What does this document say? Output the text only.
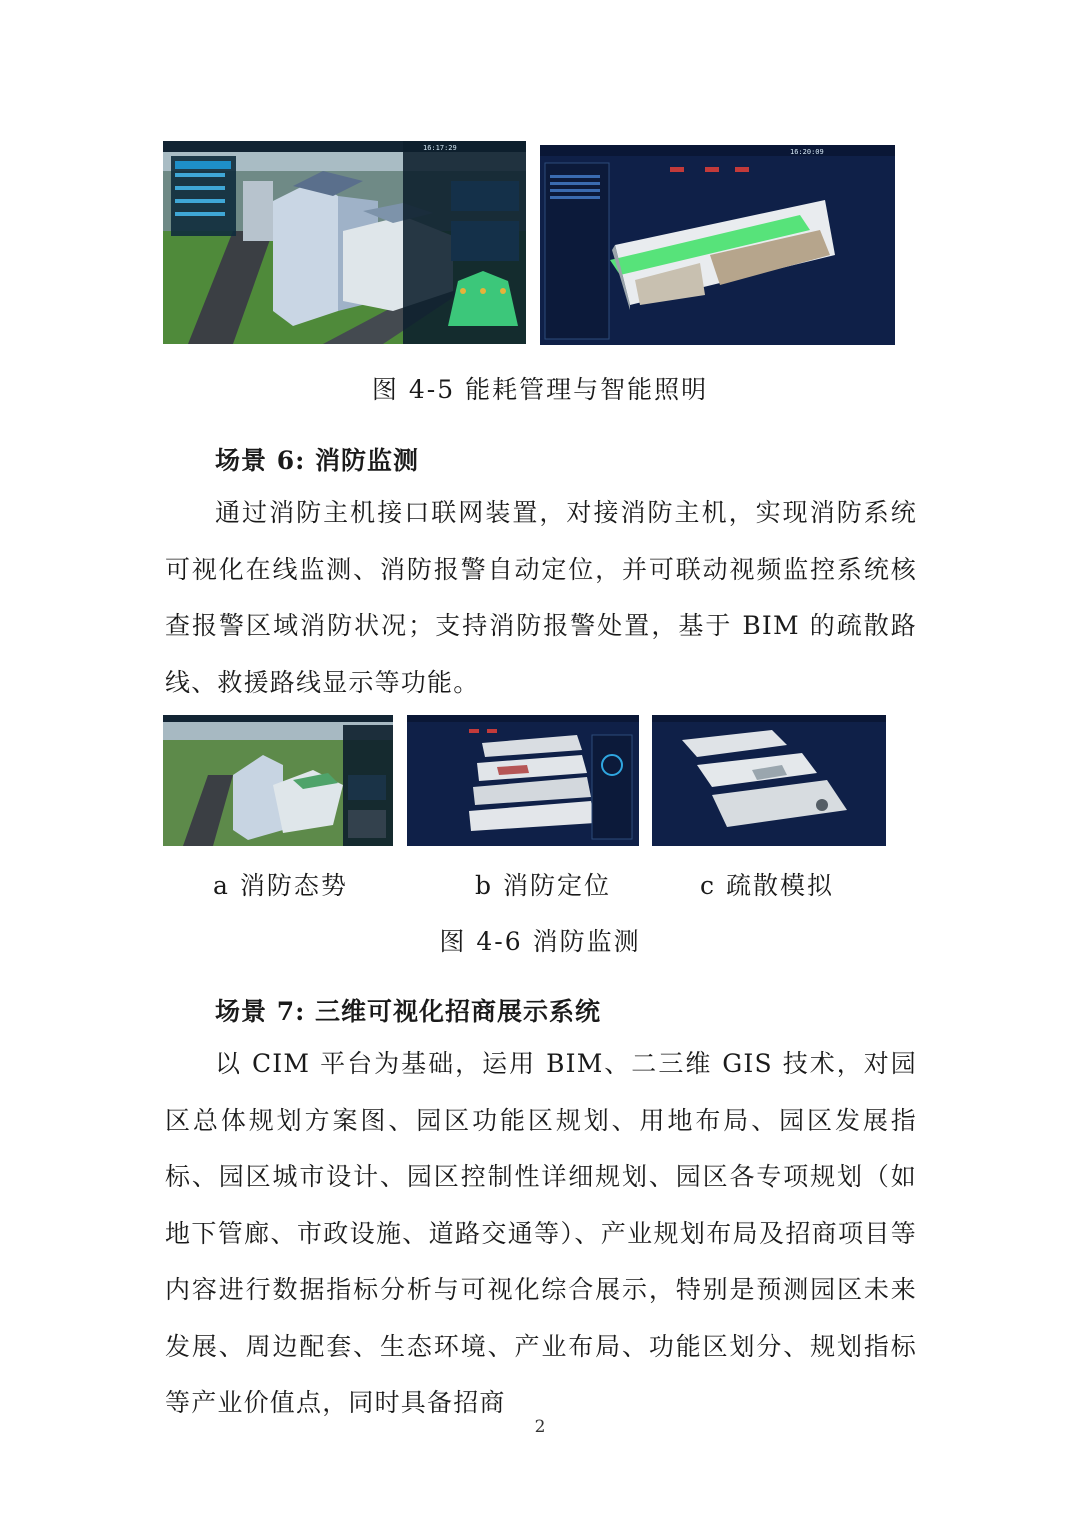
16:17:29	16:20:09
图 4-5 能耗管理与智能照明
场景 6: 消防监测

通过消防主机接口联网装置，对接消防主机，实现消防系统可视化在线监测、消防报警自动定位，并可联动视频监控系统核查报警区域消防状况；支持消防报警处置，基于 BIM 的疏散路线、救援路线显示等功能。

a 消防态势	b 消防定位	c 疏散模拟
图 4-6 消防监测
场景 7: 三维可视化招商展示系统

以 CIM 平台为基础，运用 BIM、二三维 GIS 技术，对园区总体规划方案图、园区功能区规划、用地布局、园区发展指标、园区城市设计、园区控制性详细规划、园区各专项规划（如地下管廊、市政设施、道路交通等）、产业规划布局及招商项目等内容进行数据指标分析与可视化综合展示，特别是预测园区未来发展、周边配套、生态环境、产业布局、功能区划分、规划指标等产业价值点，同时具备招商

2
